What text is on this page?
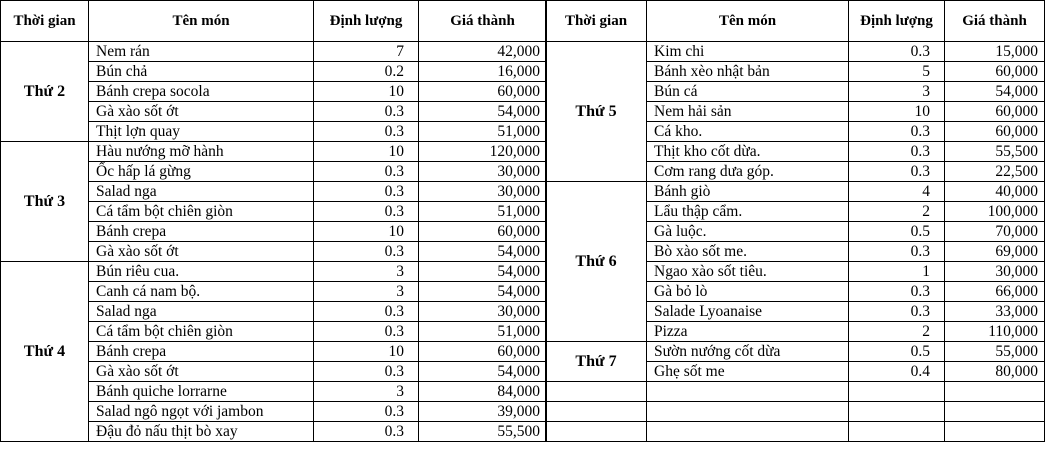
Thời gian	Tên món	Định lượng	Giá thành
Thứ 2	Nem rán	7	42,000
	Bún chả	0.2	16,000
	Bánh crepa socola	10	60,000
	Gà xào sốt ớt	0.3	54,000
	Thịt lợn quay	0.3	51,000
Thứ 3	Hàu nướng mỡ hành	10	120,000
	Ốc hấp lá gừng	0.3	30,000
	Salad nga	0.3	30,000
	Cá tẩm bột chiên giòn	0.3	51,000
	Bánh crepa	10	60,000
	Gà xào sốt ớt	0.3	54,000
Thứ 4	Bún riêu cua.	3	54,000
	Canh cá nam bộ.	3	54,000
	Salad nga	0.3	30,000
	Cá tẩm bột chiên giòn	0.3	51,000
	Bánh crepa	10	60,000
	Gà xào sốt ớt	0.3	54,000
	Bánh quiche lorrarne	3	84,000
	Salad ngô ngọt với jambon	0.3	39,000
	Đậu đỏ nấu thịt bò xay	0.3	55,500
Thời gian	Tên món	Định lượng	Giá thành
Thứ 5	Kim chi	0.3	15,000
	Bánh xèo nhật bản	5	60,000
	Bún cá	3	54,000
	Nem hải sản	10	60,000
	Cá kho.	0.3	60,000
	Thịt kho cốt dừa.	0.3	55,500
	Cơm rang dưa góp.	0.3	22,500
Thứ 6	Bánh giò	4	40,000
	Lẩu thập cẩm.	2	100,000
	Gà luộc.	0.5	70,000
	Bò xào sốt me.	0.3	69,000
	Ngao xào sốt tiêu.	1	30,000
	Gà bỏ lò	0.3	66,000
	Salade Lyoanaise	0.3	33,000
	Pizza	2	110,000
Thứ 7	Sườn nướng cốt dừa	0.5	55,000
	Ghẹ sốt me	0.4	80,000
